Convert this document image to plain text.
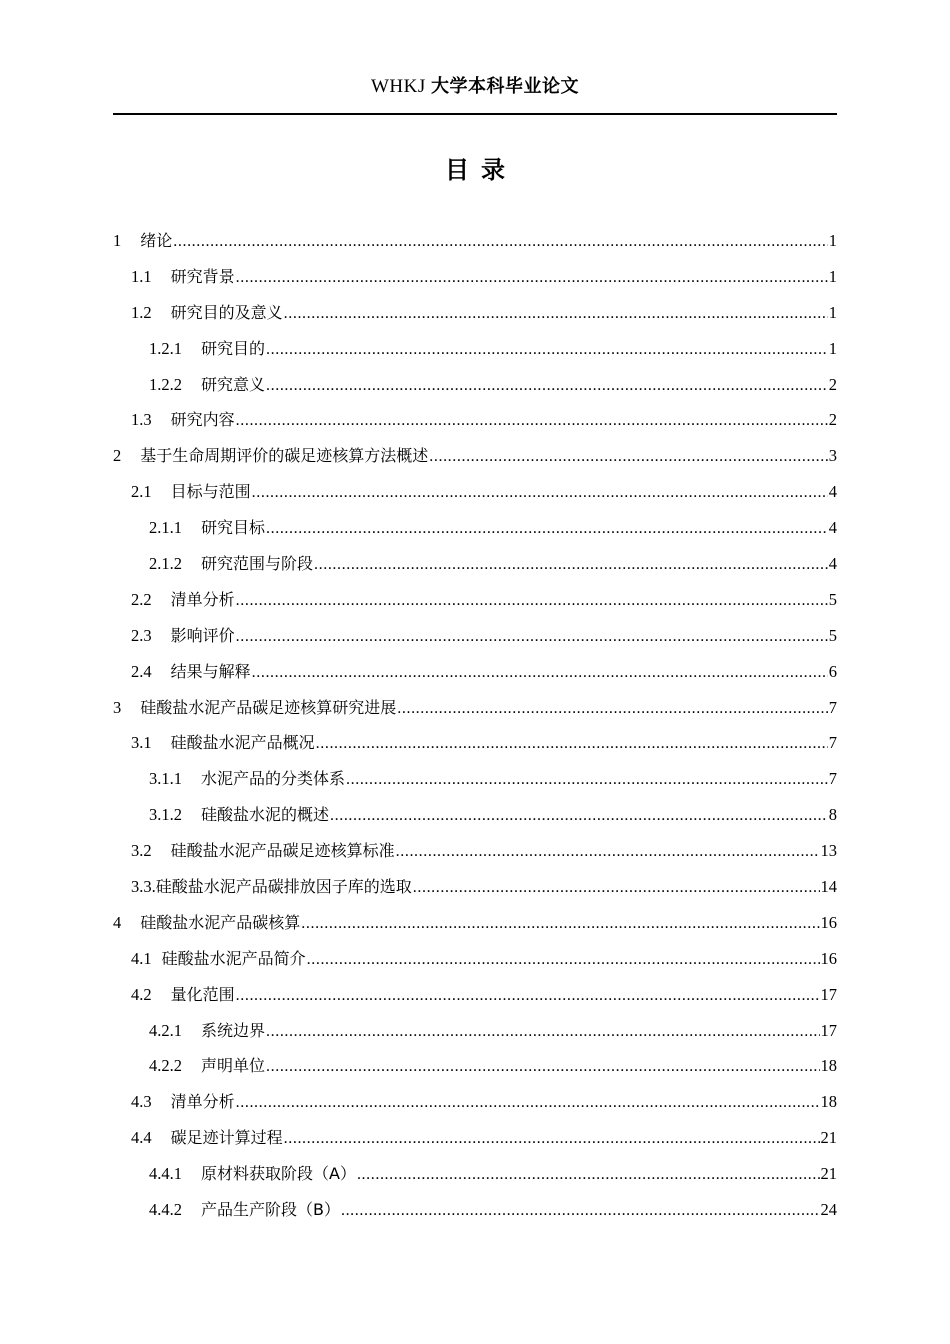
WHKJ 大学本科毕业论文
目录
1 绪论 .....	1
1.1 研究背景 .....	1
1.2 研究目的及意义 .....	1
1.2.1 研究目的 .....	1
1.2.2 研究意义 .....	2
1.3 研究内容 .....	2
2 基于生命周期评价的碳足迹核算方法概述 .....	3
2.1 目标与范围 .....	4
2.1.1 研究目标 .....	4
2.1.2 研究范围与阶段 .....	4
2.2 清单分析 .....	5
2.3 影响评价 .....	5
2.4 结果与解释 .....	6
3 硅酸盐水泥产品碳足迹核算研究进展 .....	7
3.1 硅酸盐水泥产品概况 .....	7
3.1.1 水泥产品的分类体系 .....	7
3.1.2 硅酸盐水泥的概述 .....	8
3.2 硅酸盐水泥产品碳足迹核算标准 .....	13
3.3. 硅酸盐水泥产品碳排放因子库的选取 .....	14
4 硅酸盐水泥产品碳核算 .....	16
4.1 硅酸盐水泥产品简介 .....	16
4.2 量化范围 .....	17
4.2.1 系统边界 .....	17
4.2.2 声明单位 .....	18
4.3 清单分析 .....	18
4.4 碳足迹计算过程 .....	21
4.4.1 原材料获取阶段（A） .....	21
4.4.2 产品生产阶段（B） .....	24
